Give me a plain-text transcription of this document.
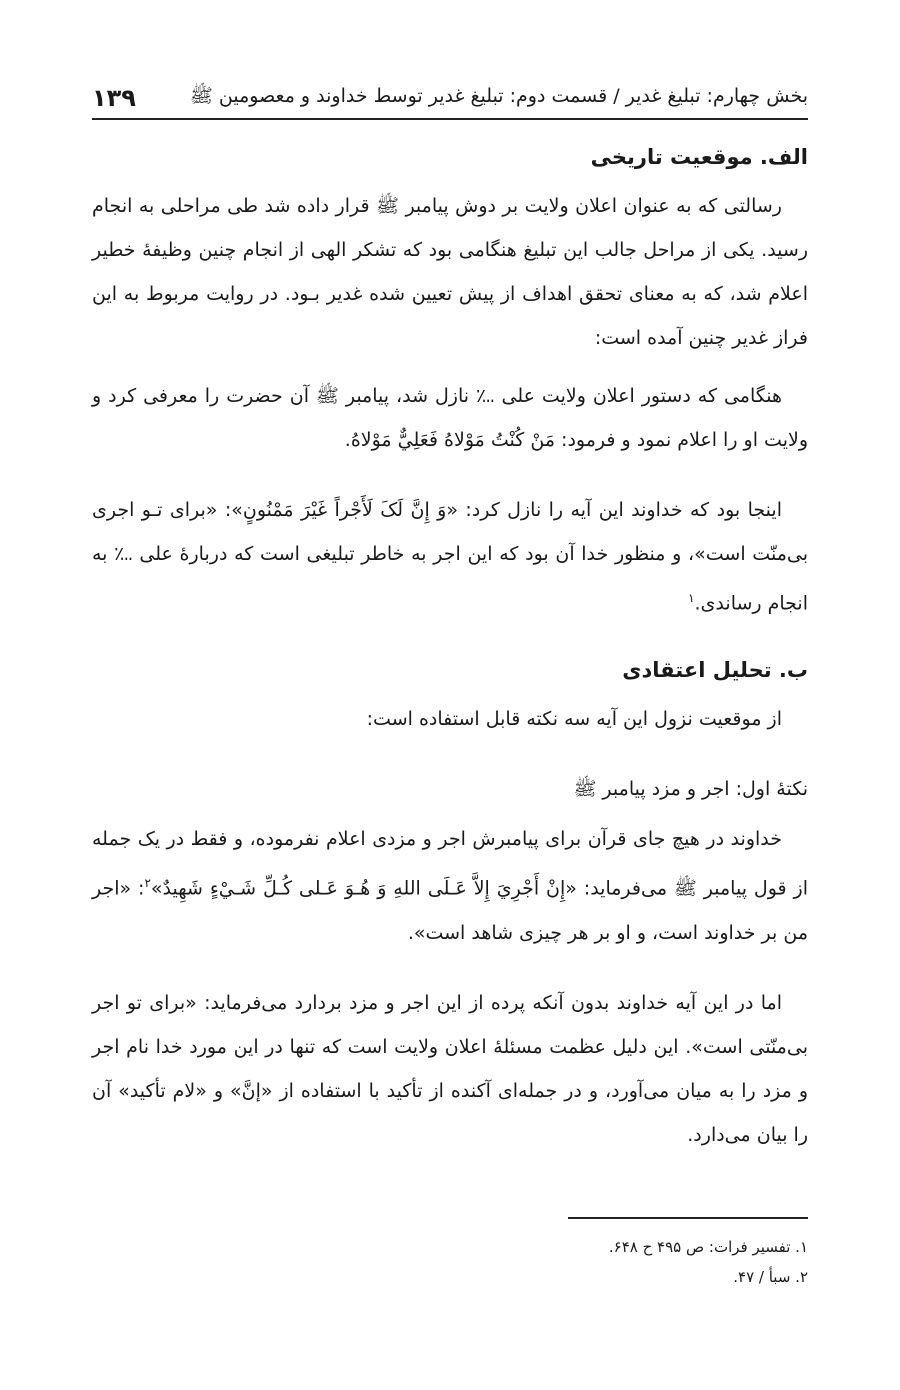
بخش چهارم: تبلیغ غدیر / قسمت دوم: تبلیغ غدیر توسط خداوند و معصومین ﷺ
۱۳۹
الف. موقعیت تاریخی

رسالتی که به عنوان اعلان ولایت بر دوش پیامبر ﷺ قرار داده شد طی مراحلی به انجام رسید. یکی از مراحل جالب این تبلیغ هنگامی بود که تشکر الهی از انجام چنین وظیفۀ خطیر اعلام شد، که به معنای تحقق اهداف از پیش تعیین شده غدیر بـود. در روایت مربوط به این فراز غدیر چنین آمده است:

هنگامی که دستور اعلان ولایت علی ؊ نازل شد، پیامبر ﷺ آن حضرت را معرفی کرد و ولایت او را اعلام نمود و فرمود: مَنْ کُنْتُ مَوْلاهُ فَعَلِيٌّ مَوْلاهُ.

اینجا بود که خداوند این آیه را نازل کرد: «وَ إِنَّ لَکَ لَأَجْراً غَيْرَ مَمْنُونٍ»: «برای تـو اجری بی‌منّت است»، و منظور خدا آن بود که این اجر به خاطر تبلیغی است که دربارۀ علی ؊ به انجام رساندی.$^۱$

ب. تحلیل اعتقادی

از موقعیت نزول این آیه سه نکته قابل استفاده است:

نکتۀ اول: اجر و مزد پیامبر ﷺ

خداوند در هیچ جای قرآن برای پیامبرش اجر و مزدی اعلام نفرموده، و فقط در یک جمله از قول پیامبر ﷺ می‌فرماید: «إِنْ أَجْرِيَ إِلاَّ عَـلَى اللهِ وَ هُـوَ عَـلى کُـلِّ شَـيْءٍ شَهِيدٌ»$^۲$: «اجر من بر خداوند است، و او بر هر چیزی شاهد است».

اما در این آیه خداوند بدون آنکه پرده از این اجر و مزد بردارد می‌فرماید: «برای تو اجر بی‌منّتی است». این دلیل عظمت مسئلۀ اعلان ولایت است که تنها در این مورد خدا نام اجر و مزد را به میان می‌آورد، و در جمله‌ای آکنده از تأکید با استفاده از «إنَّ» و «لام تأکید» آن را بیان می‌دارد.

۱. تفسیر فرات: ص ۴۹۵ ح ۶۴۸.

۲. سبأ / ۴۷.
